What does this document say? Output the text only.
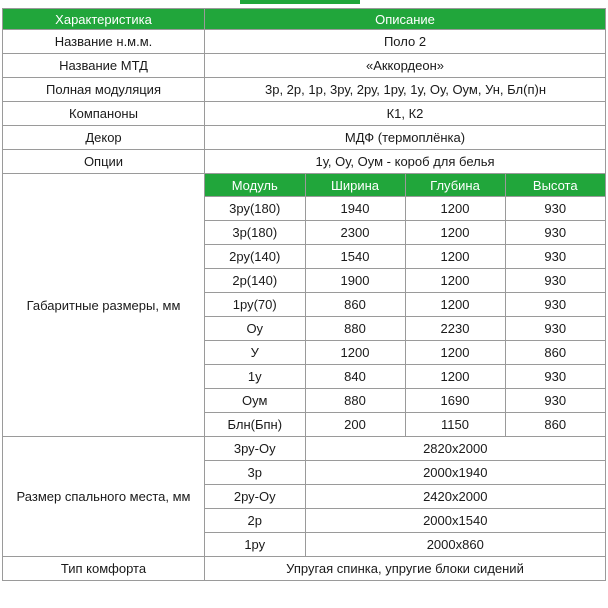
Характеристика	Описание
Название н.м.м.	Поло 2
Название МТД	«Аккордеон»
Полная модуляция	3р, 2р, 1р, 3ру, 2ру, 1ру, 1у, Оу, Оум, Ун, Бл(п)н
Компаноны	К1, К2
Декор	МДФ (термоплёнка)
Опции	1у, Оу, Оум - короб для белья
Габаритные размеры, мм	
Модуль	Ширина	Глубина	Высота
3ру(180)	1940	1200	930
3р(180)	2300	1200	930
2ру(140)	1540	1200	930
2р(140)	1900	1200	930
1ру(70)	860	1200	930
Оу	880	2230	930
У	1200	1200	860
1у	840	1200	930
Оум	880	1690	930
Блн(Бпн)	200	1150	860

Размер спального места, мм	
3ру-Оу	2820х2000
3р	2000х1940
2ру-Оу	2420х2000
2р	2000х1540
1ру	2000х860

Тип комфорта	Упругая спинка, упругие блоки сидений
